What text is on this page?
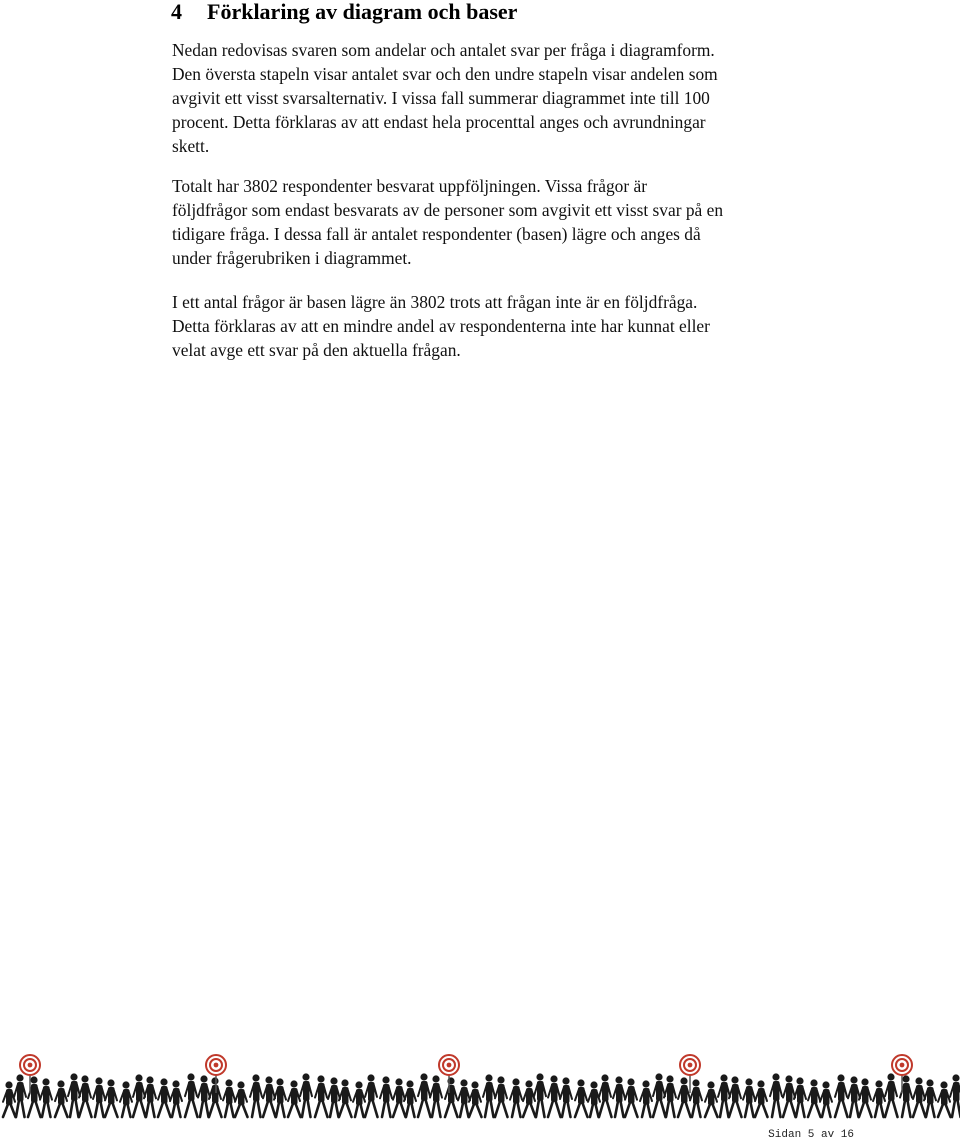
4 Förklaring av diagram och baser
Nedan redovisas svaren som andelar och antalet svar per fråga i diagramform.
Den översta stapeln visar antalet svar och den undre stapeln visar andelen som
avgivit ett visst svarsalternativ. I vissa fall summerar diagrammet inte till 100
procent. Detta förklaras av att endast hela procenttal anges och avrundningar
skett.
Totalt har 3802 respondenter besvarat uppföljningen. Vissa frågor är
följdfrågor som endast besvarats av de personer som avgivit ett visst svar på en
tidigare fråga. I dessa fall är antalet respondenter (basen) lägre och anges då
under frågerubriken i diagrammet.
I ett antal frågor är basen lägre än 3802 trots att frågan inte är en följdfråga.
Detta förklaras av att en mindre andel av respondenterna inte har kunnat eller
velat avge ett svar på den aktuella frågan.
Sidan 5 av 16
